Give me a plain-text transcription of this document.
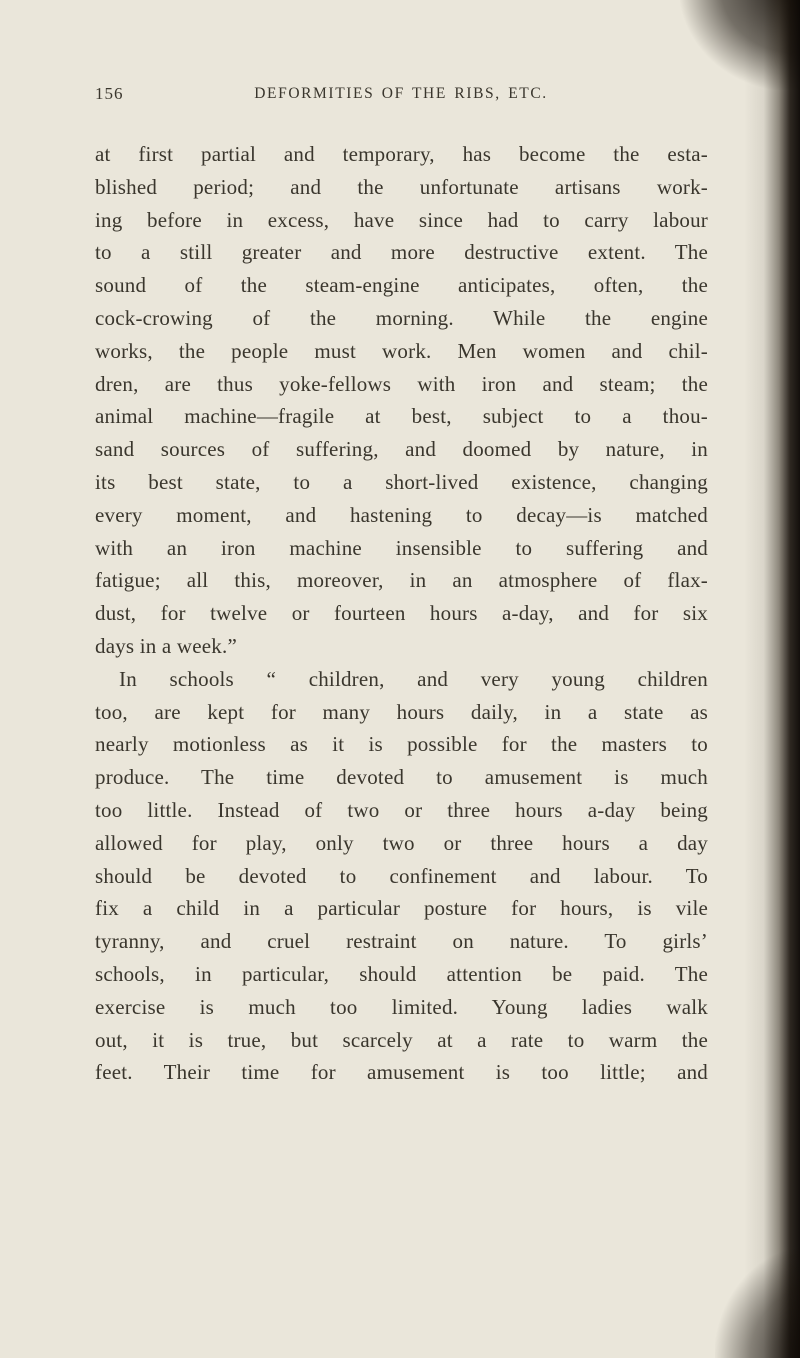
156	DEFORMITIES OF THE RIBS, ETC.
at first partial and temporary, has become the esta-
blished period; and the unfortunate artisans work-
ing before in excess, have since had to carry labour
to a still greater and more destructive extent. The
sound of the steam-engine anticipates, often, the
cock-crowing of the morning. While the engine
works, the people must work. Men women and chil-
dren, are thus yoke-fellows with iron and steam; the
animal machine—fragile at best, subject to a thou-
sand sources of suffering, and doomed by nature, in
its best state, to a short-lived existence, changing
every moment, and hastening to decay—is matched
with an iron machine insensible to suffering and
fatigue; all this, moreover, in an atmosphere of flax-
dust, for twelve or fourteen hours a-day, and for six
days in a week.”
In schools “ children, and very young children
too, are kept for many hours daily, in a state as
nearly motionless as it is possible for the masters to
produce. The time devoted to amusement is much
too little. Instead of two or three hours a-day being
allowed for play, only two or three hours a day
should be devoted to confinement and labour. To
fix a child in a particular posture for hours, is vile
tyranny, and cruel restraint on nature. To girls’
schools, in particular, should attention be paid. The
exercise is much too limited. Young ladies walk
out, it is true, but scarcely at a rate to warm the
feet. Their time for amusement is too little; and
